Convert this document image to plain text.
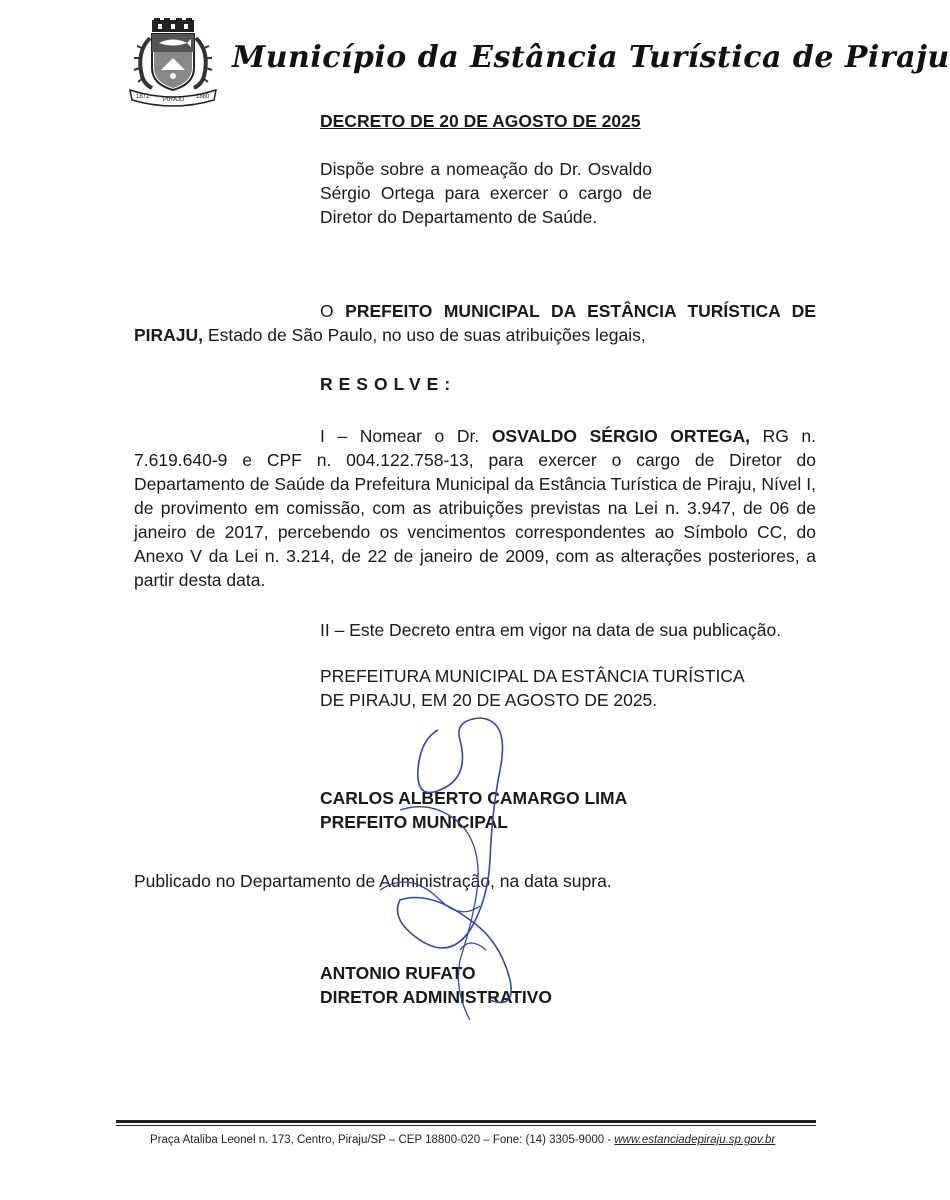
1871 PIRAJU 1880
Município da Estância Turística de Piraju
DECRETO DE 20 DE AGOSTO DE 2025
Dispõe sobre a nomeação do Dr. Osvaldo Sérgio Ortega para exercer o cargo de Diretor do Departamento de Saúde.
O PREFEITO MUNICIPAL DA ESTÂNCIA TURÍSTICA DE PIRAJU, Estado de São Paulo, no uso de suas atribuições legais,
RESOLVE:
I – Nomear o Dr. OSVALDO SÉRGIO ORTEGA, RG n. 7.619.640-9 e CPF n. 004.122.758-13, para exercer o cargo de Diretor do Departamento de Saúde da Prefeitura Municipal da Estância Turística de Piraju, Nível I, de provimento em comissão, com as atribuições previstas na Lei n. 3.947, de 06 de janeiro de 2017, percebendo os vencimentos correspondentes ao Símbolo CC, do Anexo V da Lei n. 3.214, de 22 de janeiro de 2009, com as alterações posteriores, a partir desta data.
II – Este Decreto entra em vigor na data de sua publicação.
PREFEITURA MUNICIPAL DA ESTÂNCIA TURÍSTICA
DE PIRAJU, EM 20 DE AGOSTO DE 2025.
CARLOS ALBERTO CAMARGO LIMA
PREFEITO MUNICIPAL
Publicado no Departamento de Administração, na data supra.
ANTONIO RUFATO
DIRETOR ADMINISTRATIVO
Praça Ataliba Leonel n. 173, Centro, Piraju/SP – CEP 18800-020 – Fone: (14) 3305-9000 - www.estanciadepiraju.sp.gov.br
